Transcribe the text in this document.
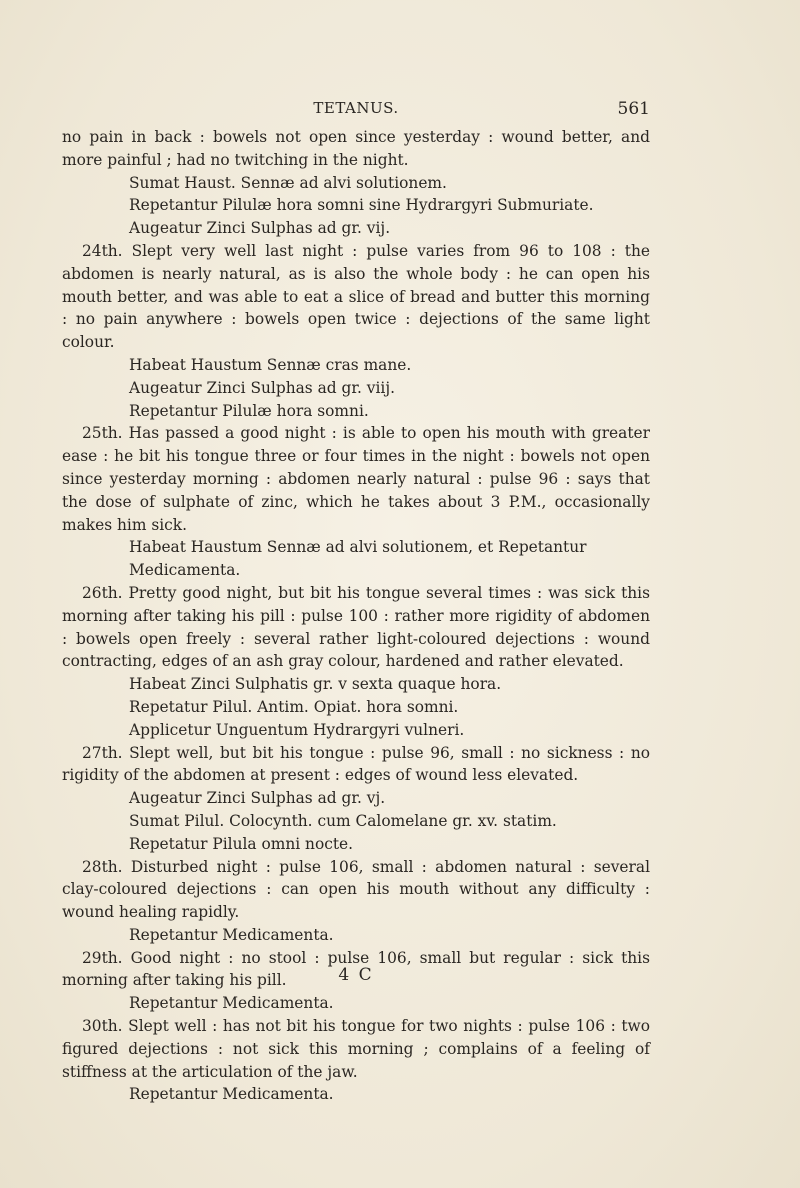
TETANUS.	561

no pain in back : bowels not open since yesterday : wound better, and more painful ; had no twitching in the night.

Sumat Haust. Sennæ ad alvi solutionem.

Repetantur Pilulæ hora somni sine Hydrargyri Submuriate.

Augeatur Zinci Sulphas ad gr. vij.

24th. Slept very well last night : pulse varies from 96 to 108 : the abdomen is nearly natural, as is also the whole body : he can open his mouth better, and was able to eat a slice of bread and butter this morning : no pain anywhere : bowels open twice : dejections of the same light colour.

Habeat Haustum Sennæ cras mane.

Augeatur Zinci Sulphas ad gr. viij.

Repetantur Pilulæ hora somni.

25th. Has passed a good night : is able to open his mouth with greater ease : he bit his tongue three or four times in the night : bowels not open since yesterday morning : abdomen nearly natural : pulse 96 : says that the dose of sulphate of zinc, which he takes about 3 P.M., occasionally makes him sick.

Habeat Haustum Sennæ ad alvi solutionem, et Repetantur Medicamenta.

26th. Pretty good night, but bit his tongue several times : was sick this morning after taking his pill : pulse 100 : rather more rigidity of abdomen : bowels open freely : several rather light-coloured dejections : wound contracting, edges of an ash gray colour, hardened and rather elevated.

Habeat Zinci Sulphatis gr. v sexta quaque hora.

Repetatur Pilul. Antim. Opiat. hora somni.

Applicetur Unguentum Hydrargyri vulneri.

27th. Slept well, but bit his tongue : pulse 96, small : no sickness : no rigidity of the abdomen at present : edges of wound less elevated.

Augeatur Zinci Sulphas ad gr. vj.

Sumat Pilul. Colocynth. cum Calomelane gr. xv. statim.

Repetatur Pilula omni nocte.

28th. Disturbed night : pulse 106, small : abdomen natural : several clay-coloured dejections : can open his mouth without any difficulty : wound healing rapidly.

Repetantur Medicamenta.

29th. Good night : no stool : pulse 106, small but regular : sick this morning after taking his pill.

Repetantur Medicamenta.

30th. Slept well : has not bit his tongue for two nights : pulse 106 : two figured dejections : not sick this morning ; complains of a feeling of stiffness at the articulation of the jaw.

Repetantur Medicamenta.

4 C
